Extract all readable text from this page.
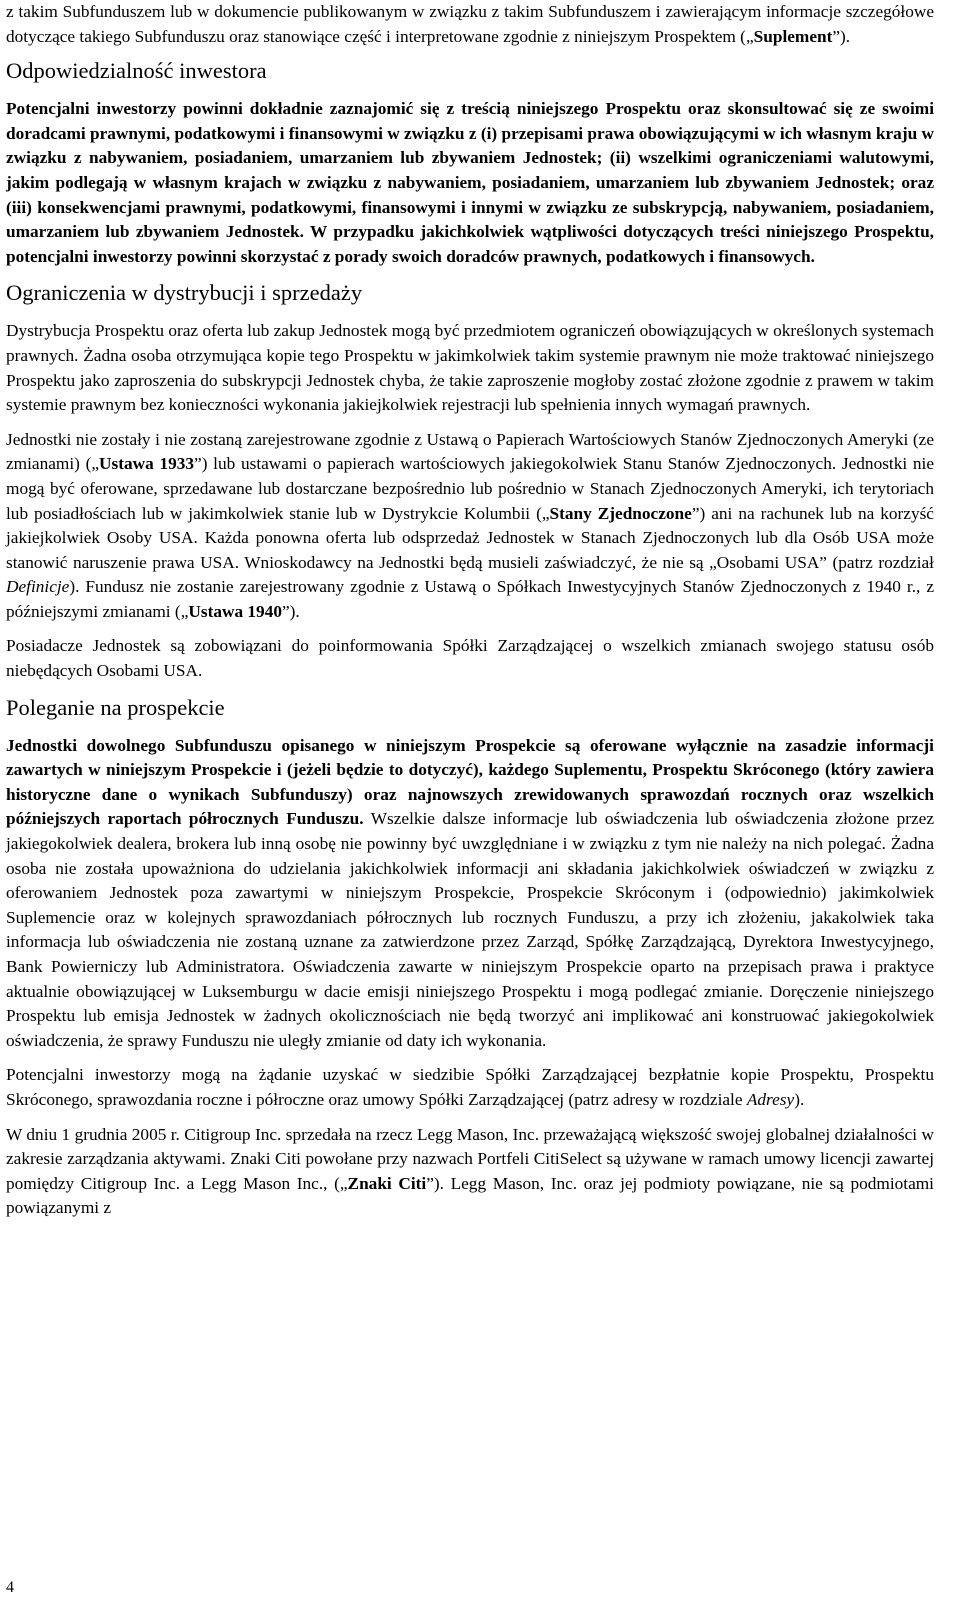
z takim Subfunduszem lub w dokumencie publikowanym w związku z takim Subfunduszem i zawierającym informacje szczegółowe dotyczące takiego Subfunduszu oraz stanowiące część i interpretowane zgodnie z niniejszym Prospektem („Suplement”).

Odpowiedzialność inwestora

Potencjalni inwestorzy powinni dokładnie zaznajomić się z treścią niniejszego Prospektu oraz skonsultować się ze swoimi doradcami prawnymi, podatkowymi i finansowymi w związku z (i) przepisami prawa obowiązującymi w ich własnym kraju w związku z nabywaniem, posiadaniem, umarzaniem lub zbywaniem Jednostek; (ii) wszelkimi ograniczeniami walutowymi, jakim podlegają w własnym krajach w związku z nabywaniem, posiadaniem, umarzaniem lub zbywaniem Jednostek; oraz (iii) konsekwencjami prawnymi, podatkowymi, finansowymi i innymi w związku ze subskrypcją, nabywaniem, posiadaniem, umarzaniem lub zbywaniem Jednostek. W przypadku jakichkolwiek wątpliwości dotyczących treści niniejszego Prospektu, potencjalni inwestorzy powinni skorzystać z porady swoich doradców prawnych, podatkowych i finansowych.

Ograniczenia w dystrybucji i sprzedaży

Dystrybucja Prospektu oraz oferta lub zakup Jednostek mogą być przedmiotem ograniczeń obowiązujących w określonych systemach prawnych. Żadna osoba otrzymująca kopie tego Prospektu w jakimkolwiek takim systemie prawnym nie może traktować niniejszego Prospektu jako zaproszenia do subskrypcji Jednostek chyba, że takie zaproszenie mogłoby zostać złożone zgodnie z prawem w takim systemie prawnym bez konieczności wykonania jakiejkolwiek rejestracji lub spełnienia innych wymagań prawnych.

Jednostki nie zostały i nie zostaną zarejestrowane zgodnie z Ustawą o Papierach Wartościowych Stanów Zjednoczonych Ameryki (ze zmianami) („Ustawa 1933”) lub ustawami o papierach wartościowych jakiegokolwiek Stanu Stanów Zjednoczonych. Jednostki nie mogą być oferowane, sprzedawane lub dostarczane bezpośrednio lub pośrednio w Stanach Zjednoczonych Ameryki, ich terytoriach lub posiadłościach lub w jakimkolwiek stanie lub w Dystrykcie Kolumbii („Stany Zjednoczone”) ani na rachunek lub na korzyść jakiejkolwiek Osoby USA. Każda ponowna oferta lub odsprzedaż Jednostek w Stanach Zjednoczonych lub dla Osób USA może stanowić naruszenie prawa USA. Wnioskodawcy na Jednostki będą musieli zaświadczyć, że nie są „Osobami USA” (patrz rozdział Definicje). Fundusz nie zostanie zarejestrowany zgodnie z Ustawą o Spółkach Inwestycyjnych Stanów Zjednoczonych z 1940 r., z późniejszymi zmianami („Ustawa 1940”).

Posiadacze Jednostek są zobowiązani do poinformowania Spółki Zarządzającej o wszelkich zmianach swojego statusu osób niebędących Osobami USA.

Poleganie na prospekcie

Jednostki dowolnego Subfunduszu opisanego w niniejszym Prospekcie są oferowane wyłącznie na zasadzie informacji zawartych w niniejszym Prospekcie i (jeżeli będzie to dotyczyć), każdego Suplementu, Prospektu Skróconego (który zawiera historyczne dane o wynikach Subfunduszy) oraz najnowszych zrewidowanych sprawozdań rocznych oraz wszelkich późniejszych raportach półrocznych Funduszu. Wszelkie dalsze informacje lub oświadczenia lub oświadczenia złożone przez jakiegokolwiek dealera, brokera lub inną osobę nie powinny być uwzględniane i w związku z tym nie należy na nich polegać. Żadna osoba nie została upoważniona do udzielania jakichkolwiek informacji ani składania jakichkolwiek oświadczeń w związku z oferowaniem Jednostek poza zawartymi w niniejszym Prospekcie, Prospekcie Skróconym i (odpowiednio) jakimkolwiek Suplemencie oraz w kolejnych sprawozdaniach półrocznych lub rocznych Funduszu, a przy ich złożeniu, jakakolwiek taka informacja lub oświadczenia nie zostaną uznane za zatwierdzone przez Zarząd, Spółkę Zarządzającą, Dyrektora Inwestycyjnego, Bank Powierniczy lub Administratora. Oświadczenia zawarte w niniejszym Prospekcie oparto na przepisach prawa i praktyce aktualnie obowiązującej w Luksemburgu w dacie emisji niniejszego Prospektu i mogą podlegać zmianie. Doręczenie niniejszego Prospektu lub emisja Jednostek w żadnych okolicznościach nie będą tworzyć ani implikować ani konstruować jakiegokolwiek oświadczenia, że sprawy Funduszu nie uległy zmianie od daty ich wykonania.

Potencjalni inwestorzy mogą na żądanie uzyskać w siedzibie Spółki Zarządzającej bezpłatnie kopie Prospektu, Prospektu Skróconego, sprawozdania roczne i półroczne oraz umowy Spółki Zarządzającej (patrz adresy w rozdziale Adresy).

W dniu 1 grudnia 2005 r. Citigroup Inc. sprzedała na rzecz Legg Mason, Inc. przeważającą większość swojej globalnej działalności w zakresie zarządzania aktywami. Znaki Citi powołane przy nazwach Portfeli CitiSelect są używane w ramach umowy licencji zawartej pomiędzy Citigroup Inc. a Legg Mason Inc., („Znaki Citi”). Legg Mason, Inc. oraz jej podmioty powiązane, nie są podmiotami powiązanymi z

4
